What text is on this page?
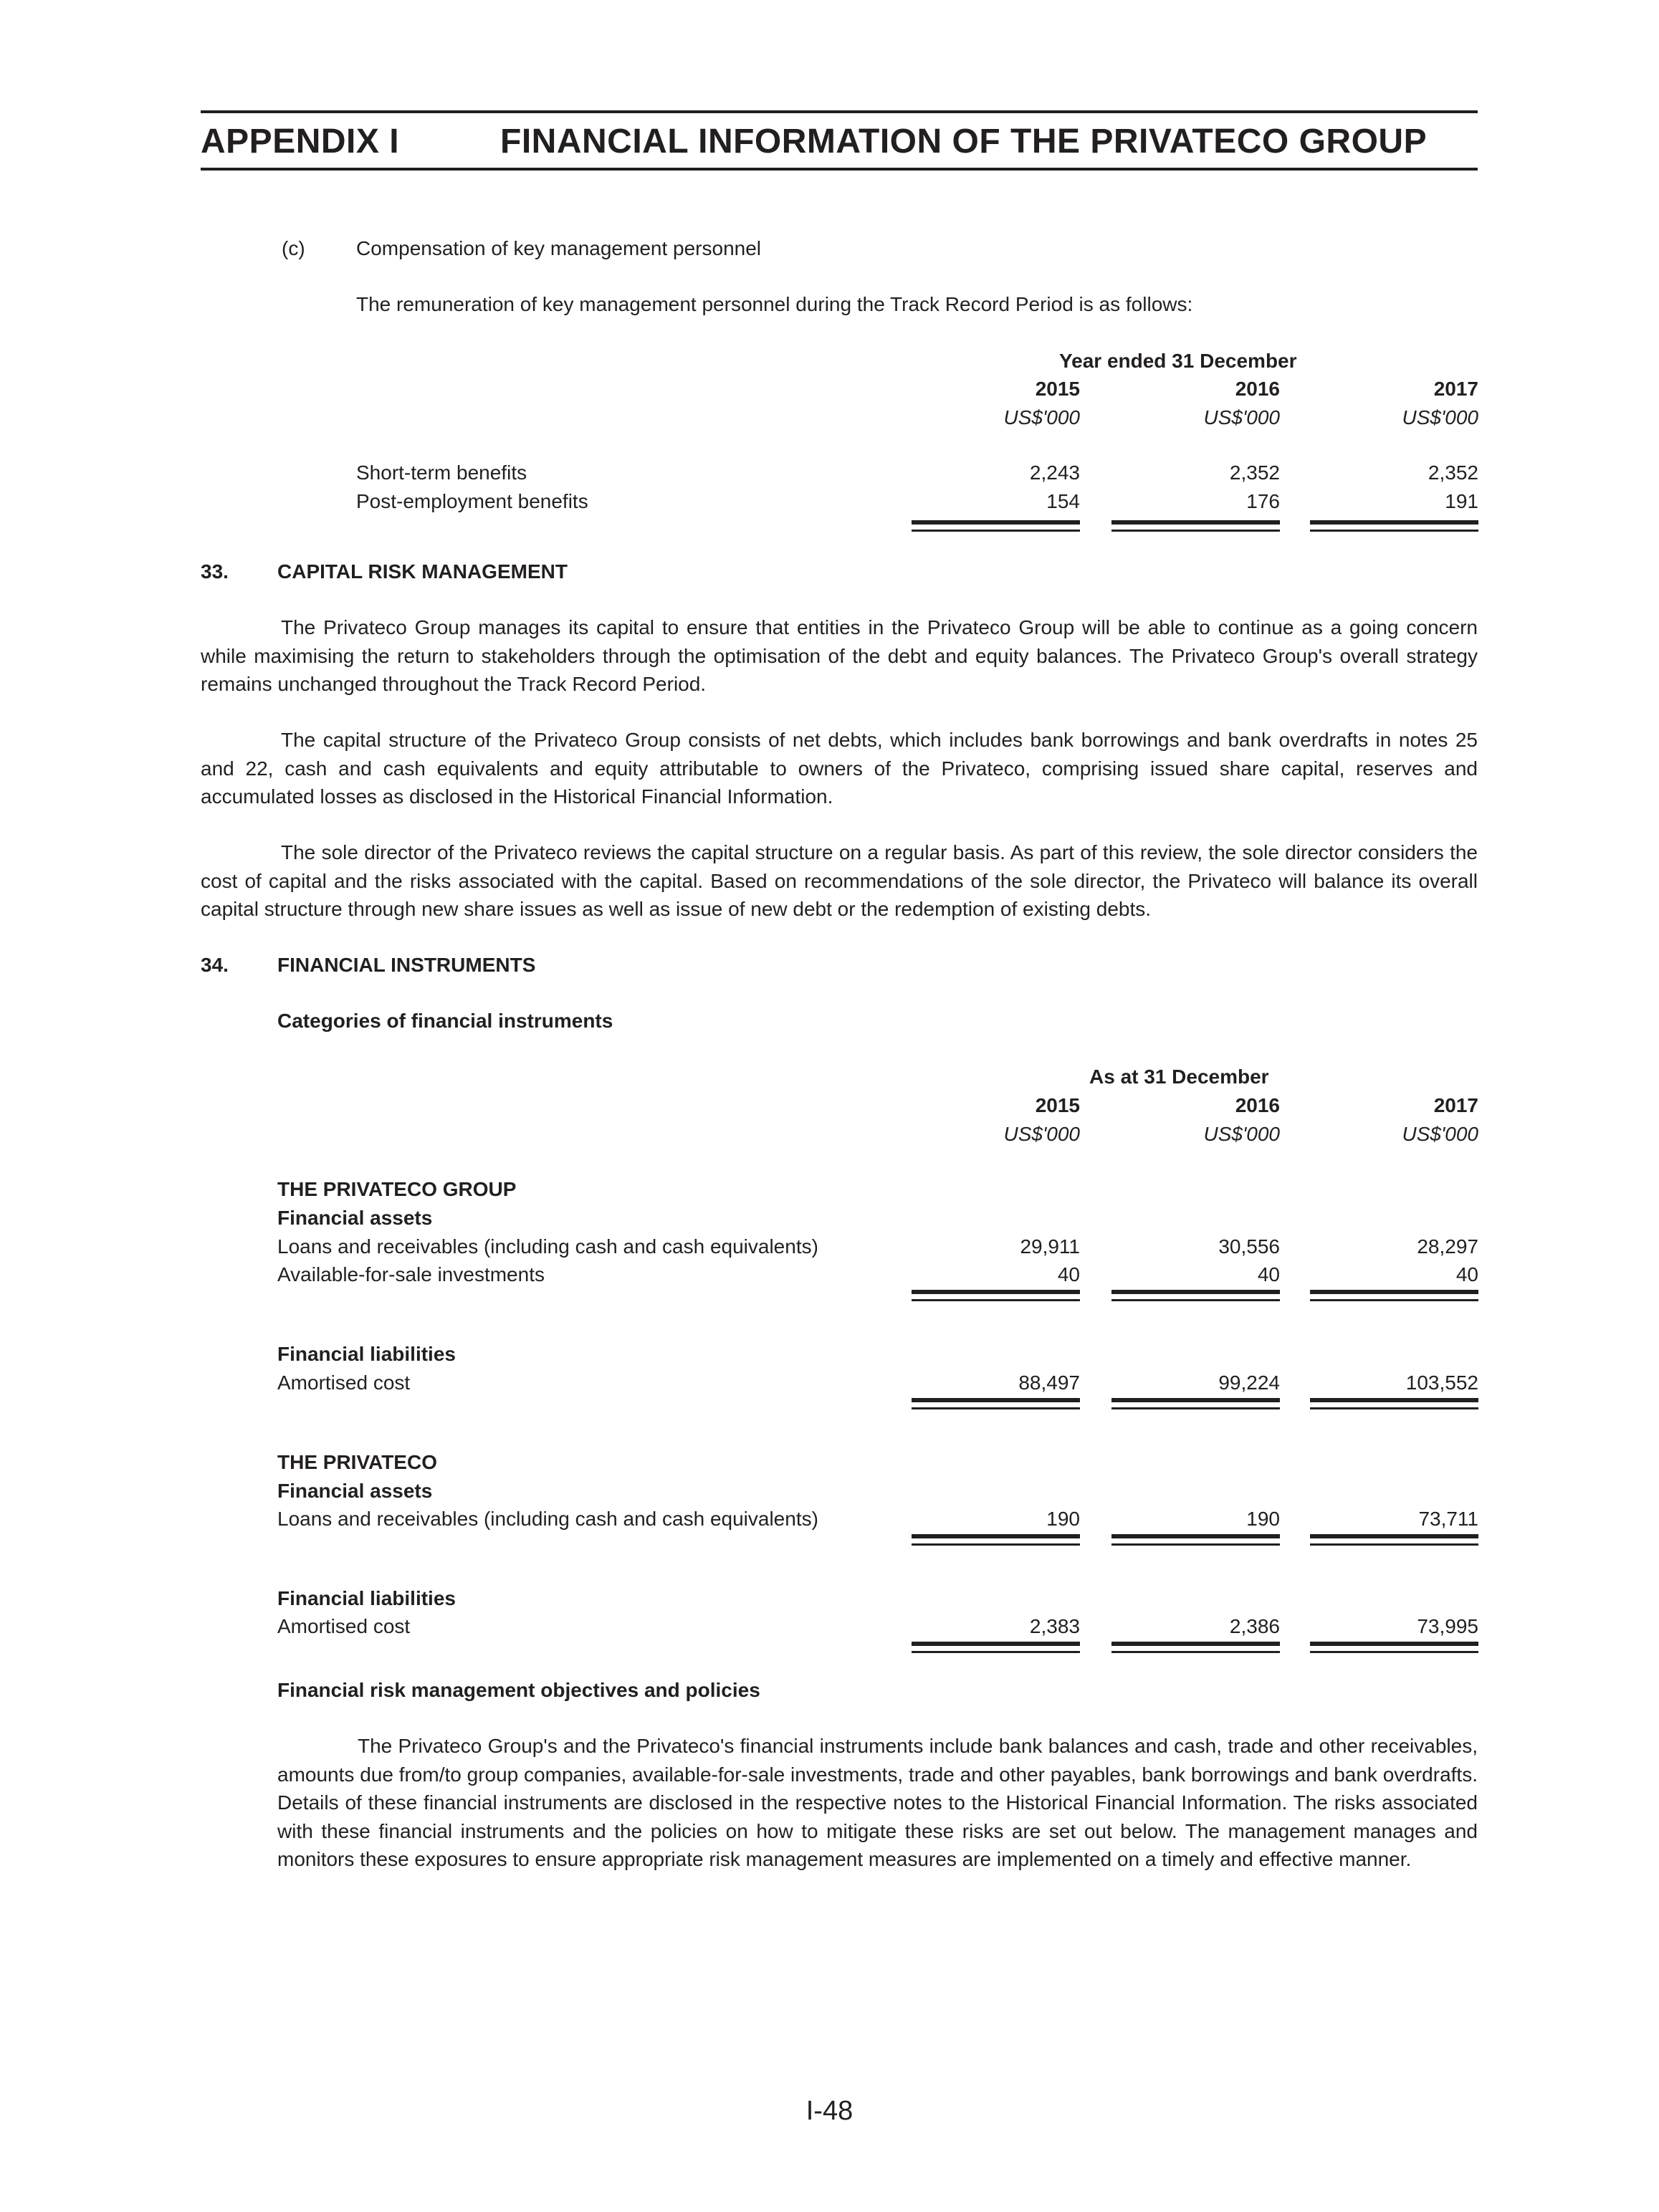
APPENDIX I	FINANCIAL INFORMATION OF THE PRIVATECO GROUP
(c)	Compensation of key management personnel
The remuneration of key management personnel during the Track Record Period is as follows:
Year ended 31 December
2015	2016	2017
US$'000	US$'000	US$'000
Short-term benefits	2,243	2,352	2,352
Post-employment benefits	154	176	191
33. CAPITAL RISK MANAGEMENT
The Privateco Group manages its capital to ensure that entities in the Privateco Group will be able to continue as a going concern while maximising the return to stakeholders through the optimisation of the debt and equity balances. The Privateco Group's overall strategy remains unchanged throughout the Track Record Period.
The capital structure of the Privateco Group consists of net debts, which includes bank borrowings and bank overdrafts in notes 25 and 22, cash and cash equivalents and equity attributable to owners of the Privateco, comprising issued share capital, reserves and accumulated losses as disclosed in the Historical Financial Information.
The sole director of the Privateco reviews the capital structure on a regular basis. As part of this review, the sole director considers the cost of capital and the risks associated with the capital. Based on recommendations of the sole director, the Privateco will balance its overall capital structure through new share issues as well as issue of new debt or the redemption of existing debts.
34. FINANCIAL INSTRUMENTS
Categories of financial instruments
As at 31 December
2015	2016	2017
US$'000	US$'000	US$'000
THE PRIVATECO GROUP
Financial assets
Loans and receivables (including cash and cash equivalents)	29,911	30,556	28,297
Available-for-sale investments	40	40	40
Financial liabilities
Amortised cost	88,497	99,224	103,552
THE PRIVATECO
Financial assets
Loans and receivables (including cash and cash equivalents)	190	190	73,711
Financial liabilities
Amortised cost	2,383	2,386	73,995
Financial risk management objectives and policies
The Privateco Group's and the Privateco's financial instruments include bank balances and cash, trade and other receivables, amounts due from/to group companies, available-for-sale investments, trade and other payables, bank borrowings and bank overdrafts. Details of these financial instruments are disclosed in the respective notes to the Historical Financial Information. The risks associated with these financial instruments and the policies on how to mitigate these risks are set out below. The management manages and monitors these exposures to ensure appropriate risk management measures are implemented on a timely and effective manner.
I-48
